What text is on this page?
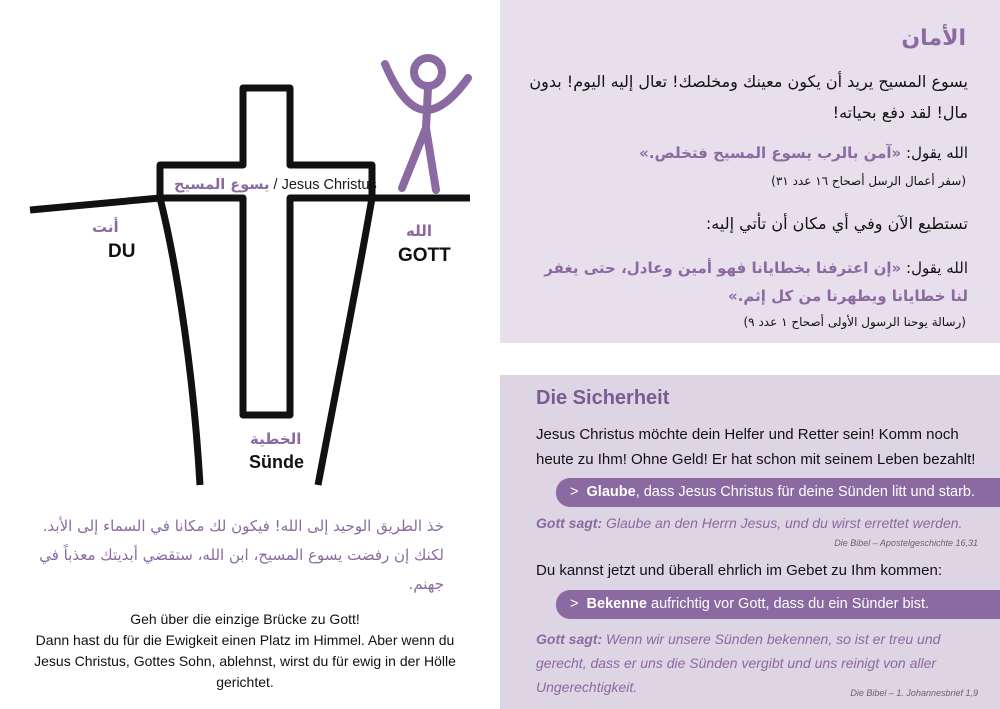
يسوع المسيح / Jesus Christus
أنت
DU
الله
GOTT
الخطية
Sünde
خذ الطريق الوحيد إلى الله! فيكون لك مكانا في السماء إلى الأبد. لكنك إن رفضت يسوع المسيح، ابن الله، ستقضي أبديتك معذباً في جهنم.
Geh über die einzige Brücke zu Gott!
Dann hast du für die Ewigkeit einen Platz im Himmel. Aber wenn du Jesus Christus, Gottes Sohn, ablehnst, wirst du für ewig in der Hölle gerichtet.
الأمان
يسوع المسيح يريد أن يكون معينك ومخلصك! تعال إليه اليوم! بدون مال! لقد دفع بحياته!
الله يقول: «آمن بالرب يسوع المسيح فتخلص.»
(سفر أعمال الرسل أصحاح ١٦ عدد ٣١)
تستطيع الآن وفي أي مكان أن تأتي إليه:
الله يقول: «إن اعترفنا بخطايانا فهو أمين وعادل، حتى يغفر لنا خطايانا ويطهرنا من كل إثم.»
(رسالة يوحنا الرسول الأولى أصحاح ١ عدد ٩)
Die Sicherheit
Jesus Christus möchte dein Helfer und Retter sein! Komm noch heute zu Ihm! Ohne Geld! Er hat schon mit seinem Leben bezahlt!
> Glaube, dass Jesus Christus für deine Sünden litt und starb.
Gott sagt: Glaube an den Herrn Jesus, und du wirst errettet werden.
Die Bibel – Apostelgeschichte 16,31
Du kannst jetzt und überall ehrlich im Gebet zu Ihm kommen:
> Bekenne aufrichtig vor Gott, dass du ein Sünder bist.
Gott sagt: Wenn wir unsere Sünden bekennen, so ist er treu und gerecht, dass er uns die Sünden vergibt und uns reinigt von aller Ungerechtigkeit.	Die Bibel – 1. Johannesbrief 1,9
